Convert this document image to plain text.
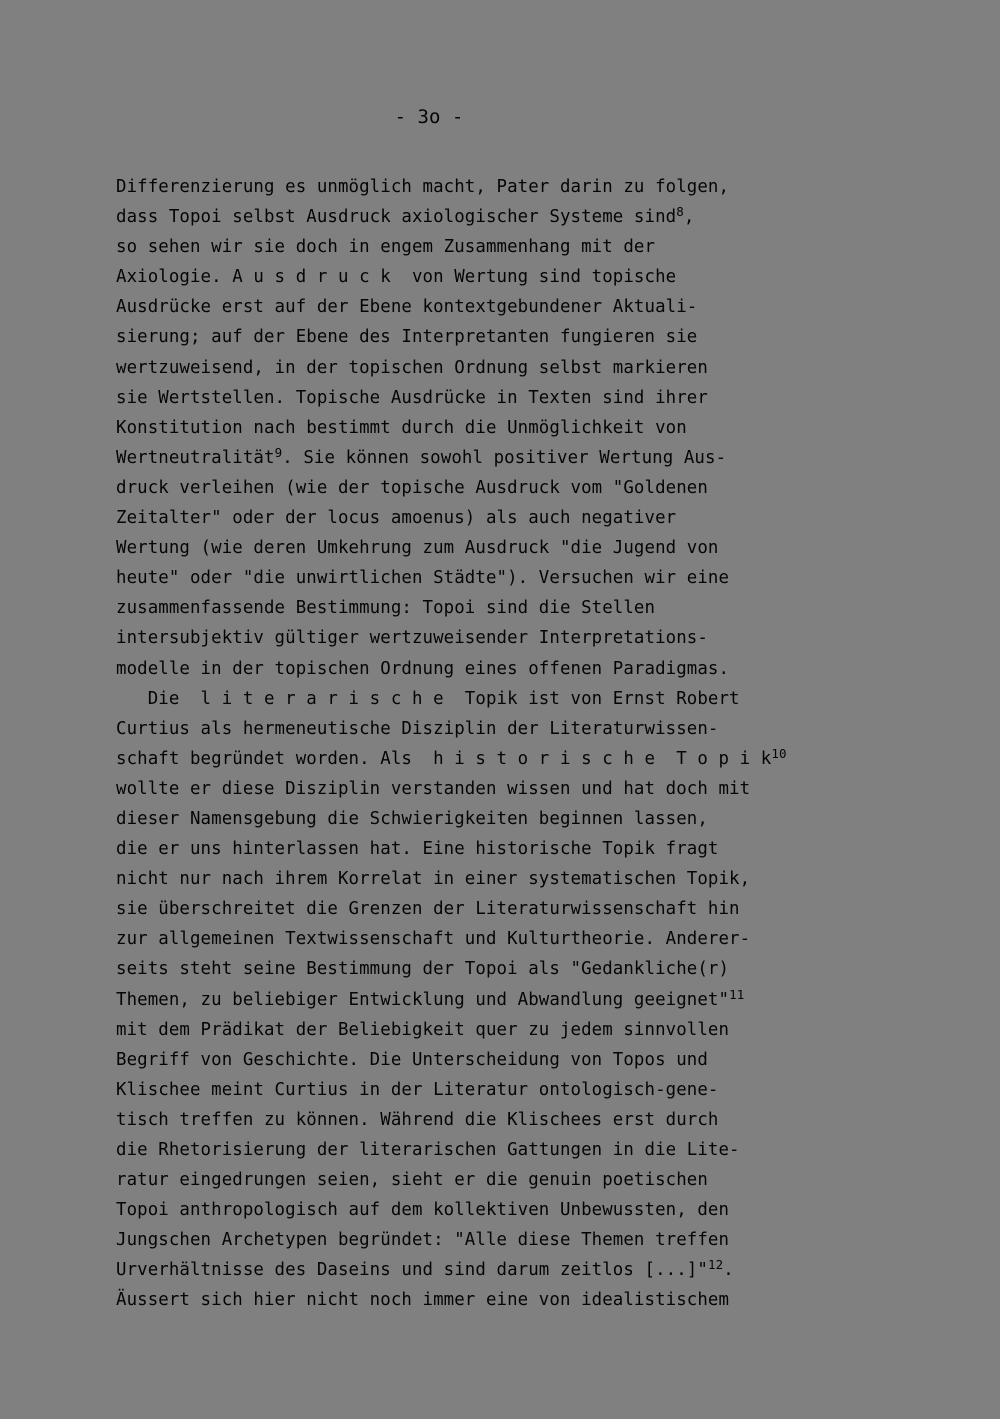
- 3o -
Differenzierung es unmöglich macht, Pater darin zu folgen,
dass Topoi selbst Ausdruck axiologischer Systeme sind$^8$,
so sehen wir sie doch in engem Zusammenhang mit der
Axiologie. A u s d r u c k  von Wertung sind topische
Ausdrücke erst auf der Ebene kontextgebundener Aktuali-
sierung; auf der Ebene des Interpretanten fungieren sie
wertzuweisend, in der topischen Ordnung selbst markieren
sie Wertstellen. Topische Ausdrücke in Texten sind ihrer
Konstitution nach bestimmt durch die Unmöglichkeit von
Wertneutralität$^9$. Sie können sowohl positiver Wertung Aus-
druck verleihen (wie der topische Ausdruck vom "Goldenen
Zeitalter" oder der locus amoenus) als auch negativer
Wertung (wie deren Umkehrung zum Ausdruck "die Jugend von
heute" oder "die unwirtlichen Städte"). Versuchen wir eine
zusammenfassende Bestimmung: Topoi sind die Stellen
intersubjektiv gültiger wertzuweisender Interpretations-
modelle in der topischen Ordnung eines offenen Paradigmas.
Die  l i t e r a r i s c h e  Topik ist von Ernst Robert
Curtius als hermeneutische Disziplin der Literaturwissen-
schaft begründet worden. Als  h i s t o r i s c h e  T o p i $k^{10}$
wollte er diese Disziplin verstanden wissen und hat doch mit
dieser Namensgebung die Schwierigkeiten beginnen lassen,
die er uns hinterlassen hat. Eine historische Topik fragt
nicht nur nach ihrem Korrelat in einer systematischen Topik,
sie überschreitet die Grenzen der Literaturwissenschaft hin
zur allgemeinen Textwissenschaft und Kulturtheorie. Anderer-
seits steht seine Bestimmung der Topoi als "Gedankliche(r)
Themen, zu beliebiger Entwicklung und Abwandlung geeignet"$^{11}$
mit dem Prädikat der Beliebigkeit quer zu jedem sinnvollen
Begriff von Geschichte. Die Unterscheidung von Topos und
Klischee meint Curtius in der Literatur ontologisch-gene-
tisch treffen zu können. Während die Klischees erst durch
die Rhetorisierung der literarischen Gattungen in die Lite-
ratur eingedrungen seien, sieht er die genuin poetischen
Topoi anthropologisch auf dem kollektiven Unbewussten, den
Jungschen Archetypen begründet: "Alle diese Themen treffen
Urverhältnisse des Daseins und sind darum zeitlos [...]"$^{12}$.
Äussert sich hier nicht noch immer eine von idealistischem
